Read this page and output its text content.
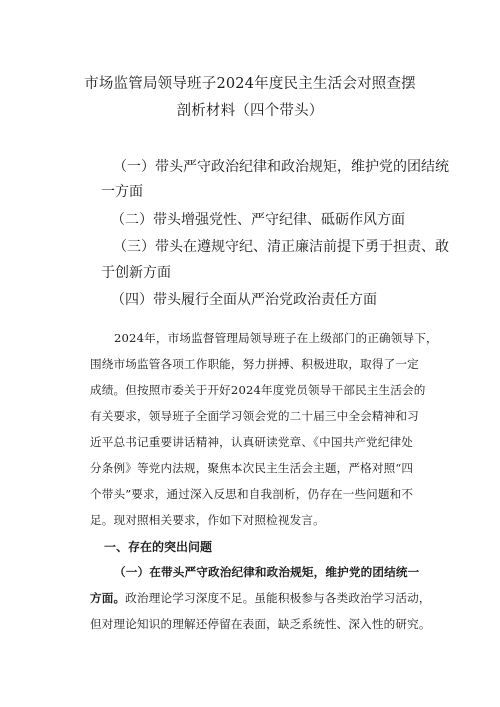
市场监管局领导班子2024年度民主生活会对照查摆
剖析材料（四个带头）
（一）带头严守政治纪律和政治规矩，维护党的团结统
一方面
（二）带头增强党性、严守纪律、砥砺作风方面
（三）带头在遵规守纪、清正廉洁前提下勇于担责、敢
于创新方面
（四）带头履行全面从严治党政治责任方面
2024年，市场监督管理局领导班子在上级部门的正确领导下，
围绕市场监管各项工作职能，努力拼搏、积极进取，取得了一定
成绩。但按照市委关于开好2024年度党员领导干部民主生活会的
有关要求，领导班子全面学习领会党的二十届三中全会精神和习
近平总书记重要讲话精神，认真研读党章、《中国共产党纪律处
分条例》等党内法规，聚焦本次民主生活会主题，严格对照“四
个带头”要求，通过深入反思和自我剖析，仍存在一些问题和不
足。现对照相关要求，作如下对照检视发言。
一、存在的突出问题
（一）在带头严守政治纪律和政治规矩，维护党的团结统一
方面。政治理论学习深度不足。虽能积极参与各类政治学习活动，
但对理论知识的理解还停留在表面，缺乏系统性、深入性的研究。
